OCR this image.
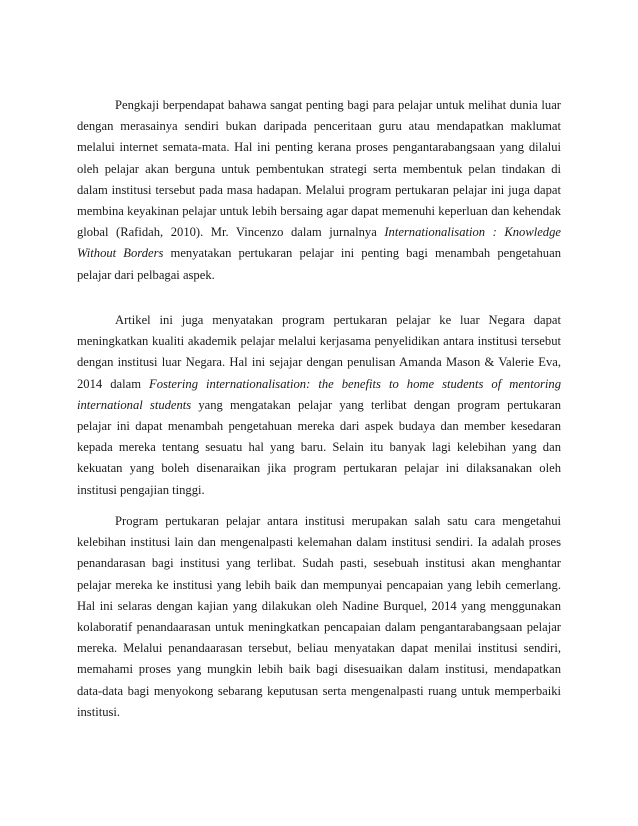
Pengkaji berpendapat bahawa sangat penting bagi para pelajar untuk melihat dunia luar dengan merasainya sendiri bukan daripada penceritaan guru atau mendapatkan maklumat melalui internet semata-mata. Hal ini penting kerana proses pengantarabangsaan yang dilalui oleh pelajar akan berguna untuk pembentukan strategi serta membentuk pelan tindakan di dalam institusi tersebut pada masa hadapan. Melalui program pertukaran pelajar ini juga dapat membina keyakinan pelajar untuk lebih bersaing agar dapat memenuhi keperluan dan kehendak global (Rafidah, 2010). Mr. Vincenzo dalam jurnalnya Internationalisation : Knowledge Without Borders menyatakan pertukaran pelajar ini penting bagi menambah pengetahuan pelajar dari pelbagai aspek.

Artikel ini juga menyatakan program pertukaran pelajar ke luar Negara dapat meningkatkan kualiti akademik pelajar melalui kerjasama penyelidikan antara institusi tersebut dengan institusi luar Negara. Hal ini sejajar dengan penulisan Amanda Mason & Valerie Eva, 2014 dalam Fostering internationalisation: the benefits to home students of mentoring international students yang mengatakan pelajar yang terlibat dengan program pertukaran pelajar ini dapat menambah pengetahuan mereka dari aspek budaya dan member kesedaran kepada mereka tentang sesuatu hal yang baru. Selain itu banyak lagi kelebihan yang dan kekuatan yang boleh disenaraikan jika program pertukaran pelajar ini dilaksanakan oleh institusi pengajian tinggi.

Program pertukaran pelajar antara institusi merupakan salah satu cara mengetahui kelebihan institusi lain dan mengenalpasti kelemahan dalam institusi sendiri. Ia adalah proses penandarasan bagi institusi yang terlibat. Sudah pasti, sesebuah institusi akan menghantar pelajar mereka ke institusi yang lebih baik dan mempunyai pencapaian yang lebih cemerlang. Hal ini selaras dengan kajian yang dilakukan oleh Nadine Burquel, 2014 yang menggunakan kolaboratif penandaarasan untuk meningkatkan pencapaian dalam pengantarabangsaan pelajar mereka. Melalui penandaarasan tersebut, beliau menyatakan dapat menilai institusi sendiri, memahami proses yang mungkin lebih baik bagi disesuaikan dalam institusi, mendapatkan data-data bagi menyokong sebarang keputusan serta mengenalpasti ruang untuk memperbaiki institusi.
